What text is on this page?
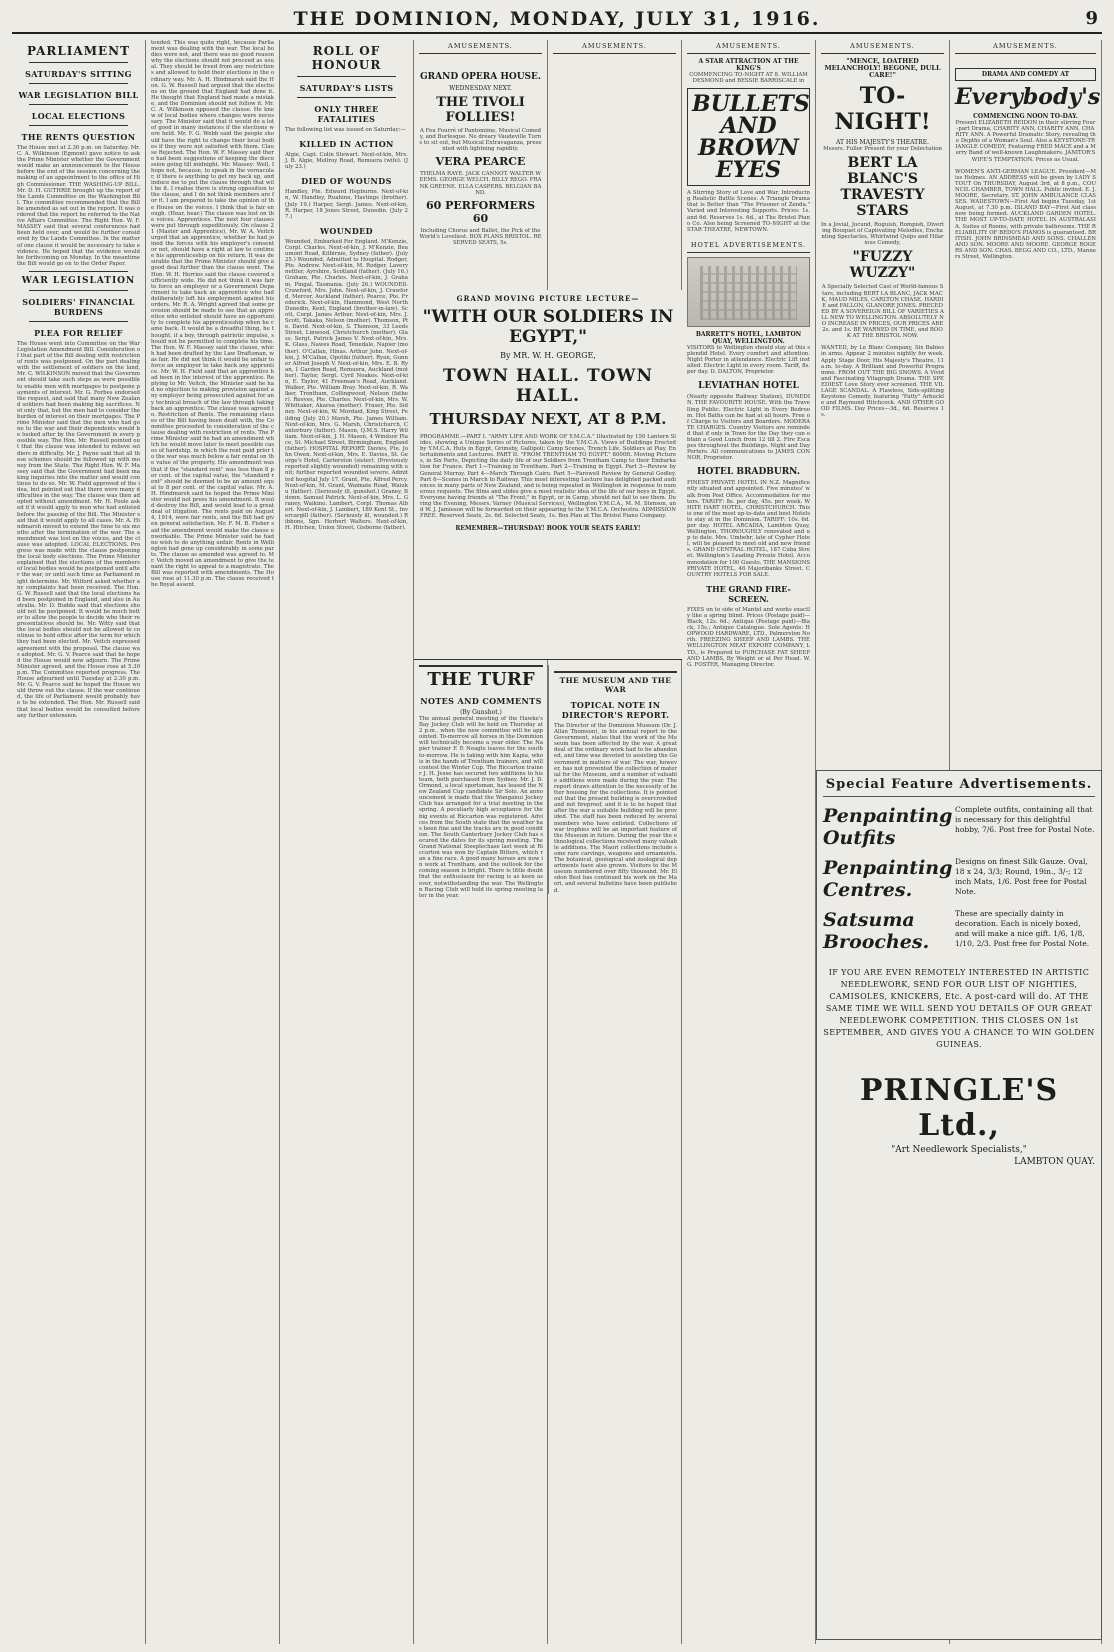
THE DOMINION, MONDAY, JULY 31, 1916.	9
PARLIAMENT
SATURDAY'S SITTING
WAR LEGISLATION BILL
LOCAL ELECTIONS
THE RENTS QUESTION
The House met at 2.30 p.m. on Saturday. Mr. C. A. Wilkinson (Egmont) gave notice to ask the Prime Minister whether the Government would make an announcement to the House before the end of the session concerning the making of an appointment to the office of High Commissioner. THE WASHING-UP BILL. Mr. D. H. GUTHRIE brought up the report of the Lands Committee on the Washington Bill. The committee recommended that the Bill be amended as set out in the report. It was ordered that the report be referred to the Native Affairs Committee. The Right Hon. W. F. MASSEY said that several conferences had been held over, and would be further considered by the Lands Committee. In the matter of one clause it would be necessary to take evidence. He hoped that the evidence would be forthcoming on Monday. In the meantime the Bill would go on to the Order Paper.
WAR LEGISLATION
SOLDIERS' FINANCIAL BURDENS
PLEA FOR RELIEF
The House went into Committee on the War Legislation Amendment Bill. Consideration of that part of the Bill dealing with restriction of rents was postponed. On the part dealing with the settlement of soldiers on the land, Mr. C. WILKINSON moved that the Government should take such steps as were possible to enable men with mortgages to postpone payments of interest. Mr. G. Forbes endorsed the request, and said that many New Zealand soldiers had been making big sacrifices. Not only that, but the men had to consider the burden of interest on their mortgages. The Prime Minister said that the men who had gone to the war and their dependents would be looked after by the Government in every possible way. The Hon. Mr. Russell pointed out that the clause was intended to relieve soldiers in difficulty. Mr. J. Payne said that all these schemes should be followed up with money from the State. The Right Hon. W. F. Massey said that the Government had been making inquiries into the matter and would continue to do so. Mr. W. Field approved of the idea, but pointed out that there were many difficulties in the way. The clause was then adopted without amendment. Mr. H. Poole asked if it would apply to men who had enlisted before the passing of the Bill. The Minister said that it would apply to all cases. Mr. A. Hindmarsh moved to extend the time to six months after the termination of the war. The amendment was lost on the voices, and the clause was adopted. LOCAL ELECTIONS. Progress was made with the clause postponing the local body elections. The Prime Minister explained that the elections of the members of local bodies would be postponed until after the war, or until such time as Parliament might determine. Mr. Wilford asked whether any complaints had been received. The Hon. G. W. Russell said that the local elections had been postponed in England, and also in Australia. Mr. D. Buddo said that elections should not be postponed. It would be much better to allow the people to decide who their representatives should be. Mr. Witty said that the local bodies should not be allowed to continue to hold office after the term for which they had been elected. Mr. Veitch expressed agreement with the proposal. The clause was adopted. Mr. G. V. Pearce said that he hoped the House would now adjourn. The Prime Minister agreed, and the House rose at 5.30 p.m. The Committee reported progress. The House adjourned until Tuesday at 2.30 p.m. Mr. G. V. Pearce said he hoped the House would throw out the clause. If the war continued, the life of Parliament would probably have to be extended. The Hon. Mr. Russell said that local bodies would be consulted before any further extension.
tended. This was quite right, because Parliament was dealing with the war. The local bodies were not, and there was no good reason why the elections should not proceed as usual. They should be freed from any restrictions and allowed to hold their elections in the ordinary way. Mr. A. H. Hindmarsh said the Hon. G. W. Russell had argued that the elections on the ground that England had done it. He thought that England had made a mistake, and the Dominion should not follow it. Mr. C. A. Wilkinson opposed the clause. He knew of local bodies where changes were necessary. The Minister said that it would do a lot of good in many instances if the elections were held. Mr. F. G. Webb said the people should have the right to change their local bodies if they were not satisfied with them. Clause Rejected. The Hon. W. F. Massey said there had been suggestions of keeping the discussion going till midnight. Mr. Massey: Well, I hope not, because, to speak in the vernacular, if there is anything to get my back up, and induce me to put the clause through that will be it. I realise there is strong opposition to the clause, and I do not think members are for it. I am prepared to take the opinion of the House on the voices. I think that is fair enough. (Hear, hear.) The clause was lost on the voices. Apprentices. The next four clauses were put through expeditiously. On clause 21 (Master and Apprentice), Mr. W. A. Veitch urged that an apprentice, whether he had joined the forces with his employer's consent or not, should have a right at law to continue his apprenticeship on his return. It was desirable that the Prime Minister should give a good deal further than the clause went. The Hon. W. H. Herries said the clause covered sufficiently wide. He did not think it was fair to force an employer or a Government Department to take back an apprentice who had deliberately left his employment against his orders. Mr. R. A. Wright agreed that some provision should be made to see that an apprentice who enlisted should have an opportunity to complete his apprenticeship when he came back. It would be a dreadful thing, he thought, if a boy, through patriotic impulse, should not be permitted to complete his time. The Hon. W. F. Massey said the clause, which had been drafted by the Law Draftsman, was fair. He did not think it would be unfair to force an employer to take back any apprentice. Mr. W. H. Field said that an apprentice had been in the interest of the apprentice. Replying to Mr. Veitch, the Minister said he had no objection to making provision against any employer being prosecuted against for any technical breach of the law through taking back an apprentice. The clause was agreed to. Restriction of Rents. The remaining clauses of the Bill having been dealt with, the Committee proceeded to consideration of the clause dealing with restriction of rents. The Prime Minister said he had an amendment which he would move later to meet possible cases of hardship, in which the rent paid prior to the war was much below a fair rental on the value of the property. His amendment was that if the "standard rent" was less than 8 per cent. of the capital value, the "standard rent" should be deemed to be an amount equal to 8 per cent. of the capital value. Mr. A. H. Hindmarsh said he hoped the Prime Minister would not press his amendment. It would destroy the Bill, and would lead to a great deal of litigation. The rents paid on August 4, 1914, were fair rents, and the Bill had given general satisfaction. Mr. F. M. B. Fisher said the amendment would make the clause unworkable. The Prime Minister said he had no wish to do anything unfair. Rents in Wellington had gone up considerably in some parts. The clause as amended was agreed to. Mr. Veitch moved an amendment to give the tenant the right to appeal to a magistrate. The Bill was reported with amendments. The House rose at 11.30 p.m. The clause received the Royal assent.
ROLL OF HONOUR
SATURDAY'S LISTS
ONLY THREE FATALITIES
The following list was issued on Saturday:—
KILLED IN ACTION
Algie, Capt. Colin Stewart. Next-of-kin, Mrs. J. B. Algie, Mellroy Road, Remuera (wife). (July 23.)
DIED OF WOUNDS
Handley, Pte. Edward Hepburne. Next-of-kin, W. Handley, Ruahine, Hastings (brother). (July 19.) Harper, Sergt. James. Next-of-kin, R. Harper, 18 Jones Street, Dunedin. (July 27.)
WOUNDED
Wounded, Embarked For England. M'Kenzie, Corpl. Charles. Next-of-kin, J. M'Kenzie, Beaumont Road, Kilbirnie, Sydney (father). (July 25.) Wounded, Admitted to Hospital. Rodger, Pte. Andrew. Next-of-kin, M. Rodger, Laverynettler, Ayrshire, Scotland (father). (July 16.) Graham, Pte. Charles. Next-of-kin, J. Graham, Pingal, Tasmania. (July 26.) WOUNDED. Crawford, Mrs. John. Next-of-kin, J. Crawford, Mercer, Auckland (father). Pearce, Pte. Frederick. Next-of-kin, Hammond, West North Dunedin, Kent, England (brother-in-law). Scott, Corpl. James Arthur. Next-of-kin, Mrs. J. Scott, Takaka, Nelson (mother). Thomson, Pte. David. Next-of-kin, S. Thomson, 33 Leeds Street, Linwood, Christchurch (mother). Glass, Sergt. Patrick James V. Next-of-kin, Mrs. K. Glass, Nawes Road, Tenedale, Napier (mother). O'Callan, Hinas. Arthur John. Next-of-kin, J. M'Callan, Opotiki (father). Ryan, Gunner Alfred Joseph V. Next-of-kin, Mrs. E. B. Ryan, 1 Garden Road, Remuera, Auckland (mother). Taylor, Sergt. Cyril Noakes. Next-of-kin, E. Taylor, 41 Freeman's Road, Auckland. Walker, Pte. William Bray. Next-of-kin, R. Walker, Trentham, Collingwood, Nelson (father). Reeves, Pte. Charles. Next-of-kin, Mrs. W. Whittaker, Akaroa (mother). Fraser, Pte. Sidney. Next-of-kin, W. Mordaid, King Street, Feilding (July 20.) Marsh, Pte. James William. Next-of-kin, Mrs. G. Marsh, Christchurch, Canterbury (father). Mason, Q.M.S. Harry William. Next-of-kin, J. H. Mason, 4 Windsor Place, St. Michael Street, Birmingham, England (father). HOSPITAL REPORT. Davies, Pte. John Owen. Next-of-kin, Mrs. E. Davies, St. George's Hotel, Carterston (sister). (Previously reported slightly wounded) remaining with unit; further reported wounded severe. Admitted hospital July 17. Grant, Pte. Alfred Percy. Next-of-kin, M. Grant, Waimate Road, Waiuku (father). (Seriously ill, gunshot.) Graney, Bdsmn. Samuel Patrick. Next-of-kin, Mrs. L. Graney, Waikino. Lambert, Corpl. Thomas Albert. Next-of-kin, J. Lambert, 189 Kent St., Invercargill (father). (Seriously ill, wounded.) Ribbons, Sgn. Herbert Walters. Next-of-kin, H. Hitchen, Union Street, Gisborne (father).
AMUSEMENTS.
GRAND OPERA HOUSE.
WEDNESDAY NEXT.
THE TIVOLI FOLLIES!
A Feu Fourré of Pantomime, Musical Comedy, and Burlesque. No dreary Vaudeville Turns to sit out, but Musical Extravaganza, presented with lightning rapidity.
VERA PEARCE
THELMA RAYE. JACK CANNOT. WALTER WEEMS. GEORGE WELCH. BILLY REGO. FRANK GREENE. ELLA CASPERS. BELGIAN BAND.
60 PERFORMERS 60
Including Chorus and Ballet, the Pick of the World's Loveliest. BOX PLANS BRISTOL. RESERVED SEATS, 5s.
AMUSEMENTS.
GRAND MOVING PICTURE LECTURE—
"WITH OUR SOLDIERS IN EGYPT,"
By MR. W. H. GEORGE,
TOWN HALL. TOWN HALL.
THURSDAY NEXT, AT 8 P.M.
PROGRAMME.—PART I. "ARMY LIFE AND WORK OF Y.M.C.A." Illustrated by 150 Lantern Slides, showing a Unique Series of Pictures, taken by the Y.M.C.A. Views of Buildings Erected by Y.M.C.A. Huts in Egypt, Grimsby, Gallipoli; Camp Scenes, Trench Life, Soldiers at Play, Entertainments and Lectures. PART II. "FROM TRENTHAM TO EGYPT." 8000ft. Moving Pictures, in Six Parts, Depicting the daily life of our Soldiers from Trentham Camp to their Embarkation for France. Part 1—Training in Trentham. Part 2—Training in Egypt. Part 3—Review by General Murray. Part 4—March Through Cairo. Part 5—Farewell Review by General Godley. Part 6—Scenes in March to Railway. This most interesting Lecture has delighted packed audiences in many parts of New Zealand, and is being repeated in Wellington in response to numerous requests. The films and slides give a most realistic idea of the life of our boys in Egypt. Everyone having friends at "The Front," in Egypt, or in Camp, should not fail to see them. During the Evening, Messrs. Varney (Musical Services), Wellington Y.M.C.A., M. M. Stenson, and W. J. Jamieson will be forwarded on their appearing to the Y.M.C.A. Orchestra. ADMISSION FREE. Reserved Seats, 2s. 6d. Selected Seats, 1s. Box Plan at The Bristol Piano Company.
REMEMBER—THURSDAY! BOOK YOUR SEATS EARLY!
THE TURF
NOTES AND COMMENTS
(By Gunshot.)
The annual general meeting of the Hawke's Bay Jockey Club will be held on Thursday at 2 p.m., when the new committee will be appointed. To-morrow all horses in the Dominion will technically become a year older. The Napier trainer F. P. Neagle leaves for the south to-morrow. He is taking with him Kapia, who is in the hands of Trentham trainers, and will contest the Winter Cup. The Riccarton trainer J. H. Jesse has secured two additions to his team, both purchased from Sydney. Mr. J. D. Ormond, a local sportsman, has leased the New Zealand Cup candidate Sir Solo. An announcement is made that the Wanganui Jockey Club has arranged for a trial meeting in the spring. A peculiarly high acceptance for the big events at Riccarton was registered. Advices from the South state that the weather has been fine and the tracks are in good condition. The South Canterbury Jockey Club has secured the dates for its spring meeting. The Grand National Steeplechase last week at Riccarton was won by Captain Bitters, which ran a fine race. A good many horses are now in work at Trentham, and the outlook for the coming season is bright. There is little doubt that the enthusiasm for racing is as keen as ever, notwithstanding the war. The Wellington Racing Club will hold its spring meeting later in the year.
THE MUSEUM AND THE WAR
TOPICAL NOTE IN DIRECTOR'S REPORT.
The Director of the Dominion Museum (Dr. J. Allan Thomson), in his annual report to the Government, states that the work of the Museum has been affected by the war. A great deal of the ordinary work had to be abandoned, and time was devoted to assisting the Government in matters of war. The war, however, has not prevented the collection of material for the Museum, and a number of valuable additions were made during the year. The report draws attention to the necessity of better housing for the collections. It is pointed out that the present building is overcrowded and not fireproof, and it is to be hoped that after the war a suitable building will be provided. The staff has been reduced by several members who have enlisted. Collections of war trophies will be an important feature of the Museum in future. During the year the ethnological collections received many valuable additions. The Maori collections include some rare carvings, weapons and ornaments. The botanical, geological and zoological departments have also grown. Visitors to the Museum numbered over fifty thousand. Mr. Elsdon Best has continued his work on the Maori, and several bulletins have been published.
AMUSEMENTS.
A STAR ATTRACTION AT THE KING'S
COMMENCING TO-NIGHT AT 8. WILLIAM DESMOND and BESSIE BARRISCALE in
BULLETS AND BROWN EYES
A Stirring Story of Love and War, Introducing Realistic Battle Scenes. A Triangle Drama that is Better than "The Prisoner of Zenda." Varied and Interesting Supports. Prices: 1s. and 6d. Reserves 1s. 6d., at The Bristol Piano Co. Also being Screened TO-NIGHT at the STAR THEATRE, NEWTOWN.
HOTEL ADVERTISEMENTS.
BARRETT'S HOTEL, LAMBTON QUAY, WELLINGTON.
VISITORS to Wellington should stay at this splendid Hotel. Every comfort and attention. Night Porter in attendance. Electric Lift installed. Electric Light in every room. Tariff, 8s. per day. D. DALTON, Proprietor.
LEVIATHAN HOTEL
(Nearly opposite Railway Station), DUNEDIN. THE FAVOURITE HOUSE. With the Travelling Public. Electric Light in Every Bedroom. Hot Baths can be had at all hours. Free of Charge to Visitors and Boarders. MODERATE CHARGES. Country Visitors are reminded that if only in Town for the Day they can obtain a Good Lunch from 12 till 2. Fire Escapes throughout the Buildings. Night and Day Porters. All communications to JAMES CONNOR, Proprietor.
HOTEL BRADBURN.
FINEST PRIVATE HOTEL IN N.Z. Magnificently situated and appointed. Five minutes' walk from Post Office. Accommodation for motors. TARIFF: 8s. per day, 45s. per week. WHITE HART HOTEL, CHRISTCHURCH. This is one of the most up-to-date and best Hotels to stay at in the Dominion. TARIFF: 10s. 6d. per day. HOTEL ARCADIA, Lambton Quay, Wellington. THOROUGHLY renovated and up to date. Mrs. Umbehr, late of Cypher Hotel, will be pleased to meet old and new friends. GRAND CENTRAL HOTEL, 187 Cuba Street. Wellington's Leading Private Hotel. Accommodation for 100 Guests. THE MANSIONS PRIVATE HOTEL, 46 Majoribanks Street. COUNTRY HOTELS FOR SALE.
THE GRAND FIRE-SCREEN.
FIXES on to side of Mantel and works exactly like a spring blind. Prices (Postage paid)—Black, 12s. 6d.; Antique (Postage paid)—Black, 15s.; Antique Catalogue. Sole Agents: HOPWOOD HARDWARE, LTD., Palmerston North. FREEZING SHEEP AND LAMBS. THE WELLINGTON MEAT EXPORT COMPANY, LTD., is Prepared to PURCHASE FAT SHEEP AND LAMBS, By Weight or at Per Head. W. G. FOSTER, Managing Director.
AMUSEMENTS.
"MENCE, LOATHED MELANCHOLY! BEGONE, DULL CARE!"
TO-NIGHT!
AT HIS MAJESTY'S THEATRE.
Messrs. Fuller Present for your Delectation
BERT LA BLANC'S TRAVESTY STARS
In a Jovial, Jocund, Roguish, Rompish, Diverting Bouquet of Captivating Melodies, Enchanting Spectacles, Whirlwind Quips and Hilarious Comedy,
"FUZZY WUZZY"
A Specially Selected Cast of World-famous Stars, including BERT LA BLANC, JACK MACK, MAUD MILES, CARLTON CHASE, HARDIE and FALLON, GLANORE JONES. PRECEDED BY A SOVEREIGN BILL OF VARIETIES ALL NEW TO WELLINGTON. ABSOLUTELY NO INCREASE IN PRICES, OUR PRICES ARE 2s. and 1s. BE WARNED IN TIME, and BOOK AT THE BRISTOL NOW.
WANTED, by Le Blanc Company, Six Babies in arms. Appear 2 minutes nightly for week. Apply Stage Door, His Majesty's Theatre, 11 a.m. to-day. A Brilliant and Powerful Programme. FROM OUT THE BIG SNOWS. A Vivid and Fascinating Vitagraph Drama. THE SPEEDIEST Love Story ever screened. THE VILLAGE SCANDAL. A Flawless, Side-splitting Keystone Comedy, featuring "Fatty" Arbuckle and Raymond Hitchcock. AND OTHER GOOD FILMS. Day Prices—3d., 6d. Reserves 1s.
AMUSEMENTS.
DRAMA AND COMEDY AT
Everybody's
COMMENCING NOON TO-DAY.
Present ELIZABETH REIDON in their stirring Four-part Drama, CHARITY ANN, CHARITY ANN, CHARITY ANN. A Powerful Dramatic Story, revealing the Depths of a Woman's Soul. Also a KEYSTONE-TRIANGLE COMEDY, Featuring FRED MACE and a Merry Band of well-known Laughmakers. JANITOR'S WIFE'S TEMPTATION. Prices as Usual.
WOMEN'S ANTI-GERMAN LEAGUE. President—Miss Holmes. AN ADDRESS will be given by LADY STOUT On THURSDAY, August 3rd, at 8 p.m., COUNCIL CHAMBER, TOWN HALL. Public invited. E. J. MOORE, Secretary. ST. JOHN AMBULANCE CLASSES. WADESTOWN—First Aid begins Tuesday, 1st August, at 7.30 p.m. ISLAND BAY—First Aid class now being formed. AUCKLAND GARDEN HOTEL. THE MOST UP-TO-DATE HOTEL IN AUSTRALASIA. Suites of Rooms, with private bathrooms. THE RELIABILITY OF BEDO'S PIANOS is guaranteed. BRITISH. JOHN BRINSMEAD AND SONS. CHALLEN AND SON. MOORE AND MOORE. GEORGE ROGERS AND SON. CHAS. BEGG AND CO., LTD., Manners Street, Wellington.
Special Feature Advertisements.
Penpainting Outfits
Complete outfits, containing all that is necessary for this delightful hobby, 7/6. Post free for Postal Note.
Penpainting Centres.
Designs on finest Silk Gauze. Oval, 18 x 24, 3/3; Round, 19in., 3/-; 12 inch Mats, 1/6. Post free for Postal Note.
Satsuma Brooches.
These are specially dainty in decoration. Each is nicely boxed, and will make a nice gift. 1/6, 1/8, 1/10, 2/3. Post free for Postal Note.
IF YOU ARE EVEN REMOTELY INTERESTED IN ARTISTIC NEEDLEWORK, SEND FOR OUR LIST OF NIGHTIES, CAMISOLES, KNICKERS, Etc. A post-card will do. AT THE SAME TIME WE WILL SEND YOU DETAILS OF OUR GREAT NEEDLEWORK COMPETITION. THIS CLOSES ON 1st SEPTEMBER, AND GIVES YOU A CHANCE TO WIN GOLDEN GUINEAS.
PRINGLE'S Ltd.,
"Art Needlework Specialists,"
LAMBTON QUAY.
